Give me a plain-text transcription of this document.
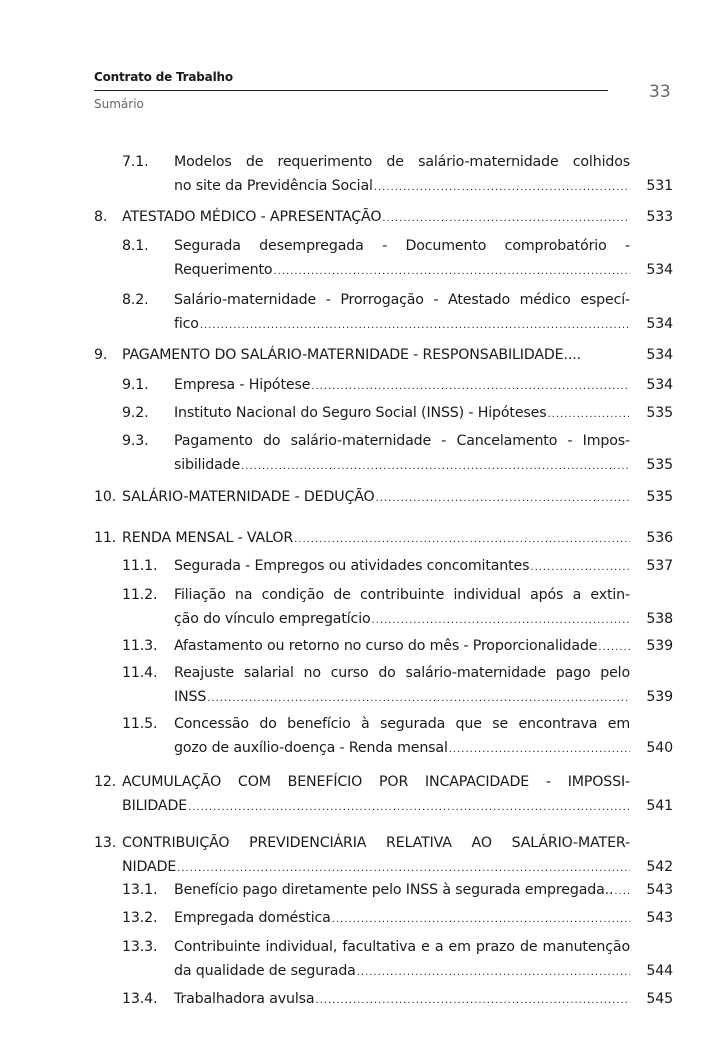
Contrato de Trabalho
Sumário
33
7.1. Modelos de requerimento de salário-maternidade colhidos
no site da Previdência Social .....	531
8. ATESTADO MÉDICO - APRESENTAÇÃO .....	533
8.1. Segurada desempregada - Documento comprobatório -
Requerimento .....	534
8.2. Salário-maternidade - Prorrogação - Atestado médico especí-
fico .....	534
9. PAGAMENTO DO SALÁRIO-MATERNIDADE - RESPONSABILIDADE....	534
9.1. Empresa - Hipótese .....	534
9.2. Instituto Nacional do Seguro Social (INSS) - Hipóteses .....	535
9.3. Pagamento do salário-maternidade - Cancelamento - Impos-
sibilidade .....	535
10. SALÁRIO-MATERNIDADE - DEDUÇÃO .....	535
11. RENDA MENSAL - VALOR .....	536
11.1. Segurada - Empregos ou atividades concomitantes .....	537
11.2. Filiação na condição de contribuinte individual após a extin-
ção do vínculo empregatício .....	538
11.3. Afastamento ou retorno no curso do mês - Proporcionalidade .....	539
11.4. Reajuste salarial no curso do salário-maternidade pago pelo
INSS .....	539
11.5. Concessão do benefício à segurada que se encontrava em
gozo de auxílio-doença - Renda mensal .....	540
12. ACUMULAÇÃO COM BENEFÍCIO POR INCAPACIDADE - IMPOSSI-
BILIDADE .....	541
13. CONTRIBUIÇÃO PREVIDENCIÁRIA RELATIVA AO SALÁRIO-MATER-
NIDADE .....	542
13.1. Benefício pago diretamente pelo INSS à segurada empregada.. .....	543
13.2. Empregada doméstica .....	543
13.3. Contribuinte individual, facultativa e a em prazo de manutenção
da qualidade de segurada .....	544
13.4. Trabalhadora avulsa .....	545
